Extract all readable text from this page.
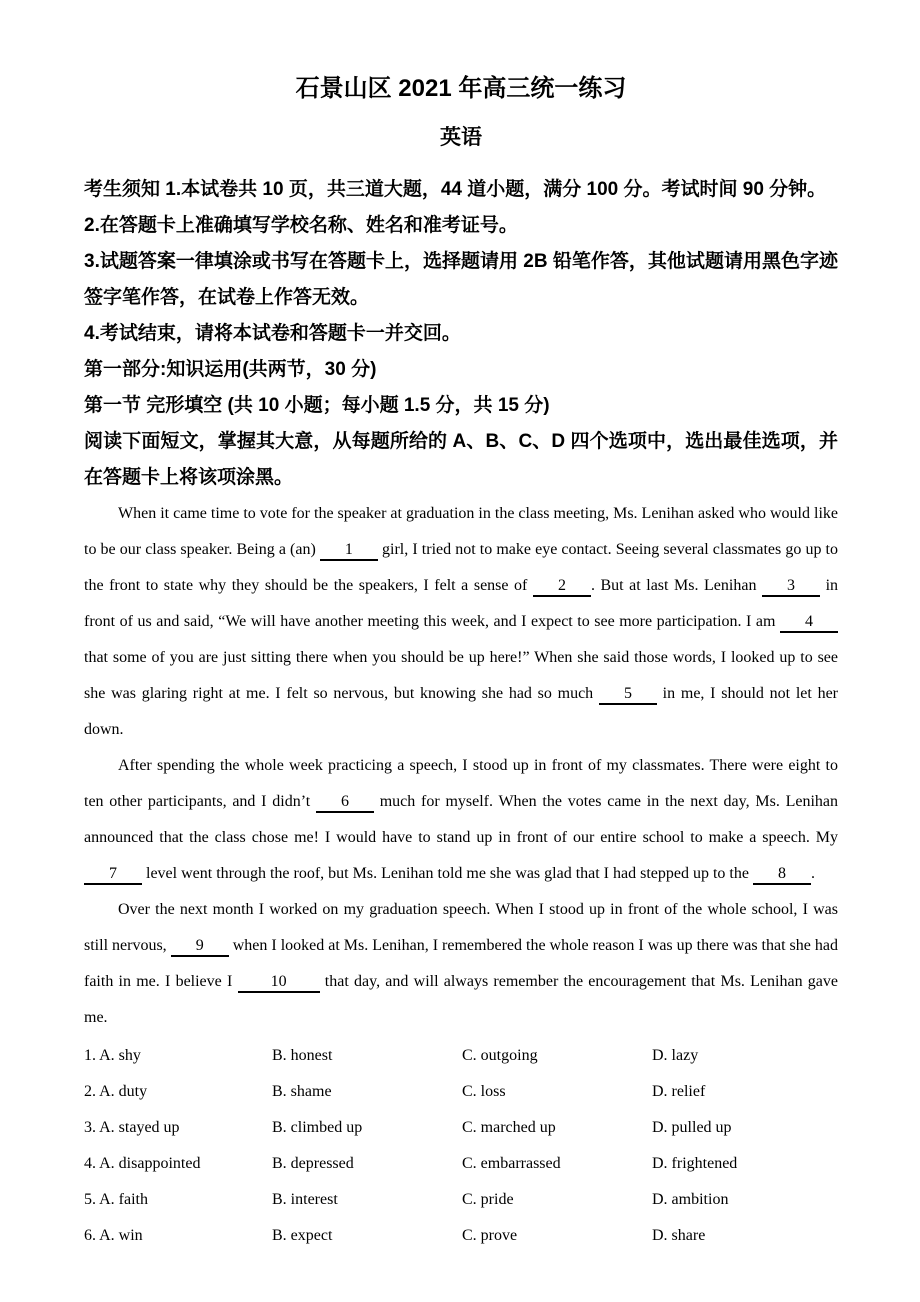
石景山区 2021 年高三统一练习
英语

考生须知 1.本试卷共 10 页，共三道大题，44 道小题，满分 100 分。考试时间 90 分钟。

2.在答题卡上准确填写学校名称、姓名和准考证号。

3.试题答案一律填涂或书写在答题卡上，选择题请用 2B 铅笔作答，其他试题请用黑色字迹签字笔作答，在试卷上作答无效。

4.考试结束，请将本试卷和答题卡一并交回。

第一部分:知识运用(共两节，30 分)

第一节 完形填空 (共 10 小题；每小题 1.5 分，共 15 分)

阅读下面短文，掌握其大意，从每题所给的 A、B、C、D 四个选项中，选出最佳选项，并在答题卡上将该项涂黑。

When it came time to vote for the speaker at graduation in the class meeting, Ms. Lenihan asked who would like to be our class speaker. Being a (an) 1 girl, I tried not to make eye contact. Seeing several classmates go up to the front to state why they should be the speakers, I felt a sense of 2 . But at last Ms. Lenihan 3 in front of us and said, “We will have another meeting this week, and I expect to see more participation. I am 4 that some of you are just sitting there when you should be up here!” When she said those words, I looked up to see she was glaring right at me. I felt so nervous, but knowing she had so much 5 in me, I should not let her down.

After spending the whole week practicing a speech, I stood up in front of my classmates. There were eight to ten other participants, and I didn’t 6 much for myself. When the votes came in the next day, Ms. Lenihan announced that the class chose me! I would have to stand up in front of our entire school to make a speech. My 7 level went through the roof, but Ms. Lenihan told me she was glad that I had stepped up to the 8 .

Over the next month I worked on my graduation speech. When I stood up in front of the whole school, I was still nervous, 9 when I looked at Ms. Lenihan, I remembered the whole reason I was up there was that she had faith in me. I believe I 10 that day, and will always remember the encouragement that Ms. Lenihan gave me.

1. A. shy	B. honest	C. outgoing	D. lazy
2. A. duty	B. shame	C. loss	D. relief
3. A. stayed up	B. climbed up	C. marched up	D. pulled up
4. A. disappointed	B. depressed	C. embarrassed	D. frightened
5. A. faith	B. interest	C. pride	D. ambition
6. A. win	B. expect	C. prove	D. share
